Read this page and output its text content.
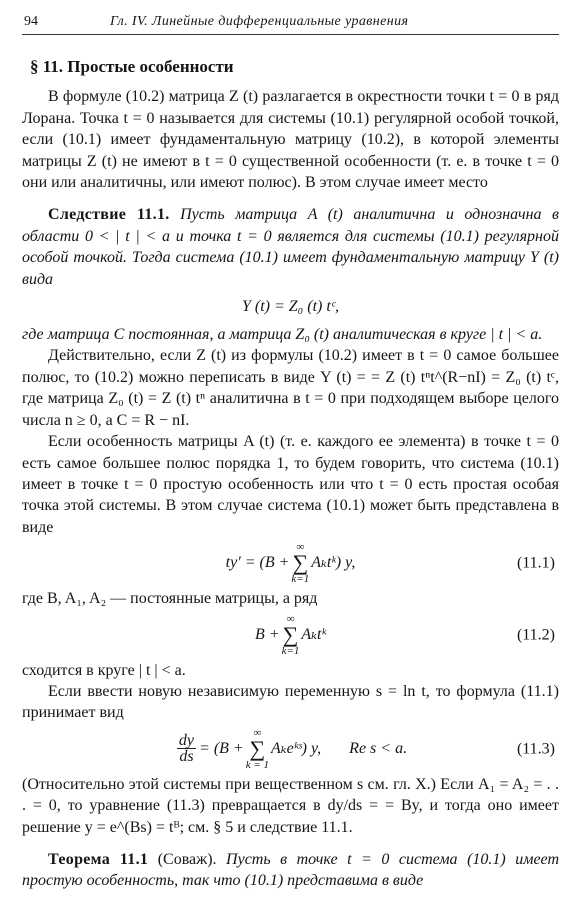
94	Гл. IV. Линейные дифференциальные уравнения
§ 11. Простые особенности

В формуле (10.2) матрица Z (t) разлагается в окрестности точки t = 0 в ряд Лорана. Точка t = 0 называется для системы (10.1) регулярной особой точкой, если (10.1) имеет фундаментальную матрицу (10.2), в которой элементы матрицы Z (t) не имеют в t = 0 существенной особенности (т. е. в точке t = 0 они или аналитичны, или имеют полюс). В этом случае имеет место

Следствие 11.1. Пусть матрица A (t) аналитична и однозначна в области 0 < | t | < a и точка t = 0 является для системы (10.1) регулярной особой точкой. Тогда система (10.1) имеет фундаментальную матрицу Y (t) вида

Y (t) = Z₀ (t) tᶜ,

где матрица C постоянная, а матрица Z₀ (t) аналитическая в круге | t | < a.

Действительно, если Z (t) из формулы (10.2) имеет в t = 0 самое большее полюс, то (10.2) можно переписать в виде Y (t) = = Z (t) tⁿt^(R−nI) = Z₀ (t) tᶜ, где матрица Z₀ (t) = Z (t) tⁿ аналитична в t = 0 при подходящем выборе целого числа n ≥ 0, а C = R − nI.

Если особенность матрицы A (t) (т. е. каждого ее элемента) в точке t = 0 есть самое большее полюс порядка 1, то будем говорить, что система (10.1) имеет в точке t = 0 простую особенность или что t = 0 есть простая особая точка этой системы. В этом случае система (10.1) может быть представлена в виде

ty′ = (B +
∞
∑
k=1
Aₖtᵏ ) y,	(11.1)

где B, A₁, A₂ — постоянные матрицы, а ряд

B +
∞
∑
k=1
Aₖtᵏ	(11.2)

сходится в круге | t | < a.

Если ввести новую независимую переменную s = ln t, то формула (11.1) принимает вид

$\frac{dy}{ds} = (B$ +
∞
∑
k = 1
Aₖeᵏˢ ) y, Re s < a.	(11.3)

(Относительно этой системы при вещественном s см. гл. X.) Если A₁ = A₂ = . . . = 0, то уравнение (11.3) превращается в dy/ds = = By, и тогда оно имеет решение y = e^(Bs) = tᴮ; см. § 5 и следствие 11.1.

Теорема 11.1 (Соваж). Пусть в точке t = 0 система (10.1) имеет простую особенность, так что (10.1) представима в виде
